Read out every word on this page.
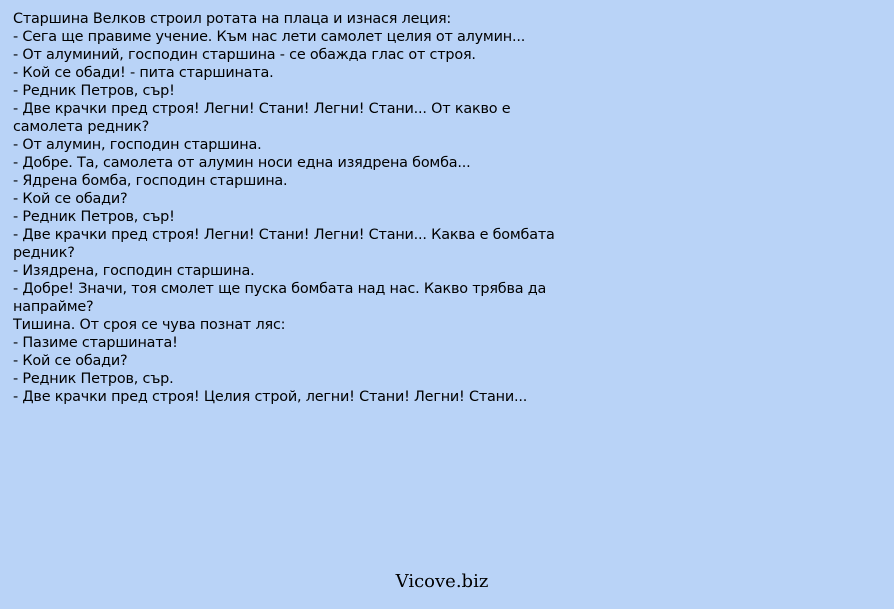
Старшина Велков строил ротата на плаца и изнася леция:
- Сега ще правиме учение. Към нас лети самолет целия от алумин...
- От алуминий, господин старшина - се обажда глас от строя.
- Кой се обади! - пита старшината.
- Редник Петров, сър!
- Две крачки пред строя! Легни! Стани! Легни! Стани... От какво е самолета редник?
- От алумин, господин старшина.
- Добре. Та, самолета от алумин носи една изядрена бомба...
- Ядрена бомба, господин старшина.
- Кой се обади?
- Редник Петров, сър!
- Две крачки пред строя! Легни! Стани! Легни! Стани... Каква е бомбата редник?
- Изядрена, господин старшина.
- Добре! Значи, тоя смолет ще пуска бомбата над нас. Какво трябва да напрайме?
Тишина. От сроя се чува познат ляс:
- Пазиме старшината!
- Кой се обади?
- Редник Петров, сър.
- Две крачки пред строя! Целия строй, легни! Стани! Легни! Стани...
Vicove.biz
